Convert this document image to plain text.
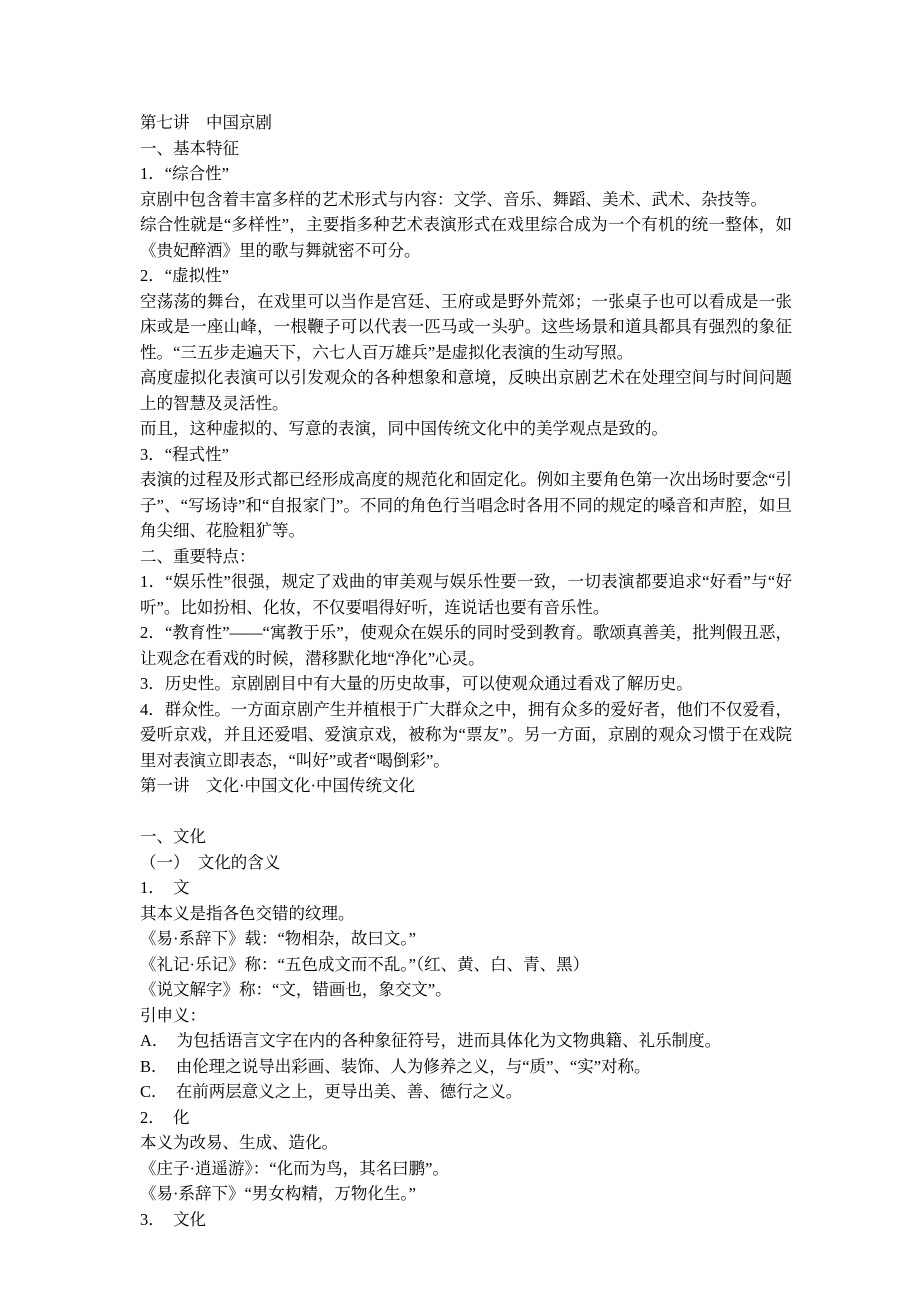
第七讲　中国京剧

一、基本特征

1．“综合性”

京剧中包含着丰富多样的艺术形式与内容：文学、音乐、舞蹈、美术、武术、杂技等。

综合性就是“多样性”，主要指多种艺术表演形式在戏里综合成为一个有机的统一整体，如《贵妃醉酒》里的歌与舞就密不可分。

2．“虚拟性”

空荡荡的舞台，在戏里可以当作是宫廷、王府或是野外荒郊；一张桌子也可以看成是一张床或是一座山峰，一根鞭子可以代表一匹马或一头驴。这些场景和道具都具有强烈的象征性。“三五步走遍天下，六七人百万雄兵”是虚拟化表演的生动写照。

高度虚拟化表演可以引发观众的各种想象和意境，反映出京剧艺术在处理空间与时间问题上的智慧及灵活性。

而且，这种虚拟的、写意的表演，同中国传统文化中的美学观点是致的。

3．“程式性”

表演的过程及形式都已经形成高度的规范化和固定化。例如主要角色第一次出场时要念“引子”、“写场诗”和“自报家门”。不同的角色行当唱念时各用不同的规定的嗓音和声腔，如旦角尖细、花脸粗犷等。

二、重要特点：

1．“娱乐性”很强，规定了戏曲的审美观与娱乐性要一致，一切表演都要追求“好看”与“好听”。比如扮相、化妆，不仅要唱得好听，连说话也要有音乐性。

2．“教育性”——“寓教于乐”，使观众在娱乐的同时受到教育。歌颂真善美，批判假丑恶，让观念在看戏的时候，潜移默化地“净化”心灵。

3．历史性。京剧剧目中有大量的历史故事，可以使观众通过看戏了解历史。

4．群众性。一方面京剧产生并植根于广大群众之中，拥有众多的爱好者，他们不仅爱看，爱听京戏，并且还爱唱、爱演京戏，被称为“票友”。另一方面，京剧的观众习惯于在戏院里对表演立即表态，“叫好”或者“喝倒彩”。

第一讲　文化·中国文化·中国传统文化

一、文化

（一）　文化的含义

1．　文

其本义是指各色交错的纹理。

《易·系辞下》载：“物相杂，故曰文。”

《礼记·乐记》称：“五色成文而不乱。”（红、黄、白、青、黑）

《说文解字》称：“文，错画也，象交文”。

引申义：

A．　为包括语言文字在内的各种象征符号，进而具体化为文物典籍、礼乐制度。

B．　由伦理之说导出彩画、装饰、人为修养之义，与“质”、“实”对称。

C．　在前两层意义之上，更导出美、善、德行之义。

2．　化

本义为改易、生成、造化。

《庄子·逍遥游》：“化而为鸟，其名曰鹏”。

《易·系辞下》“男女构精，万物化生。”

3．　文化
